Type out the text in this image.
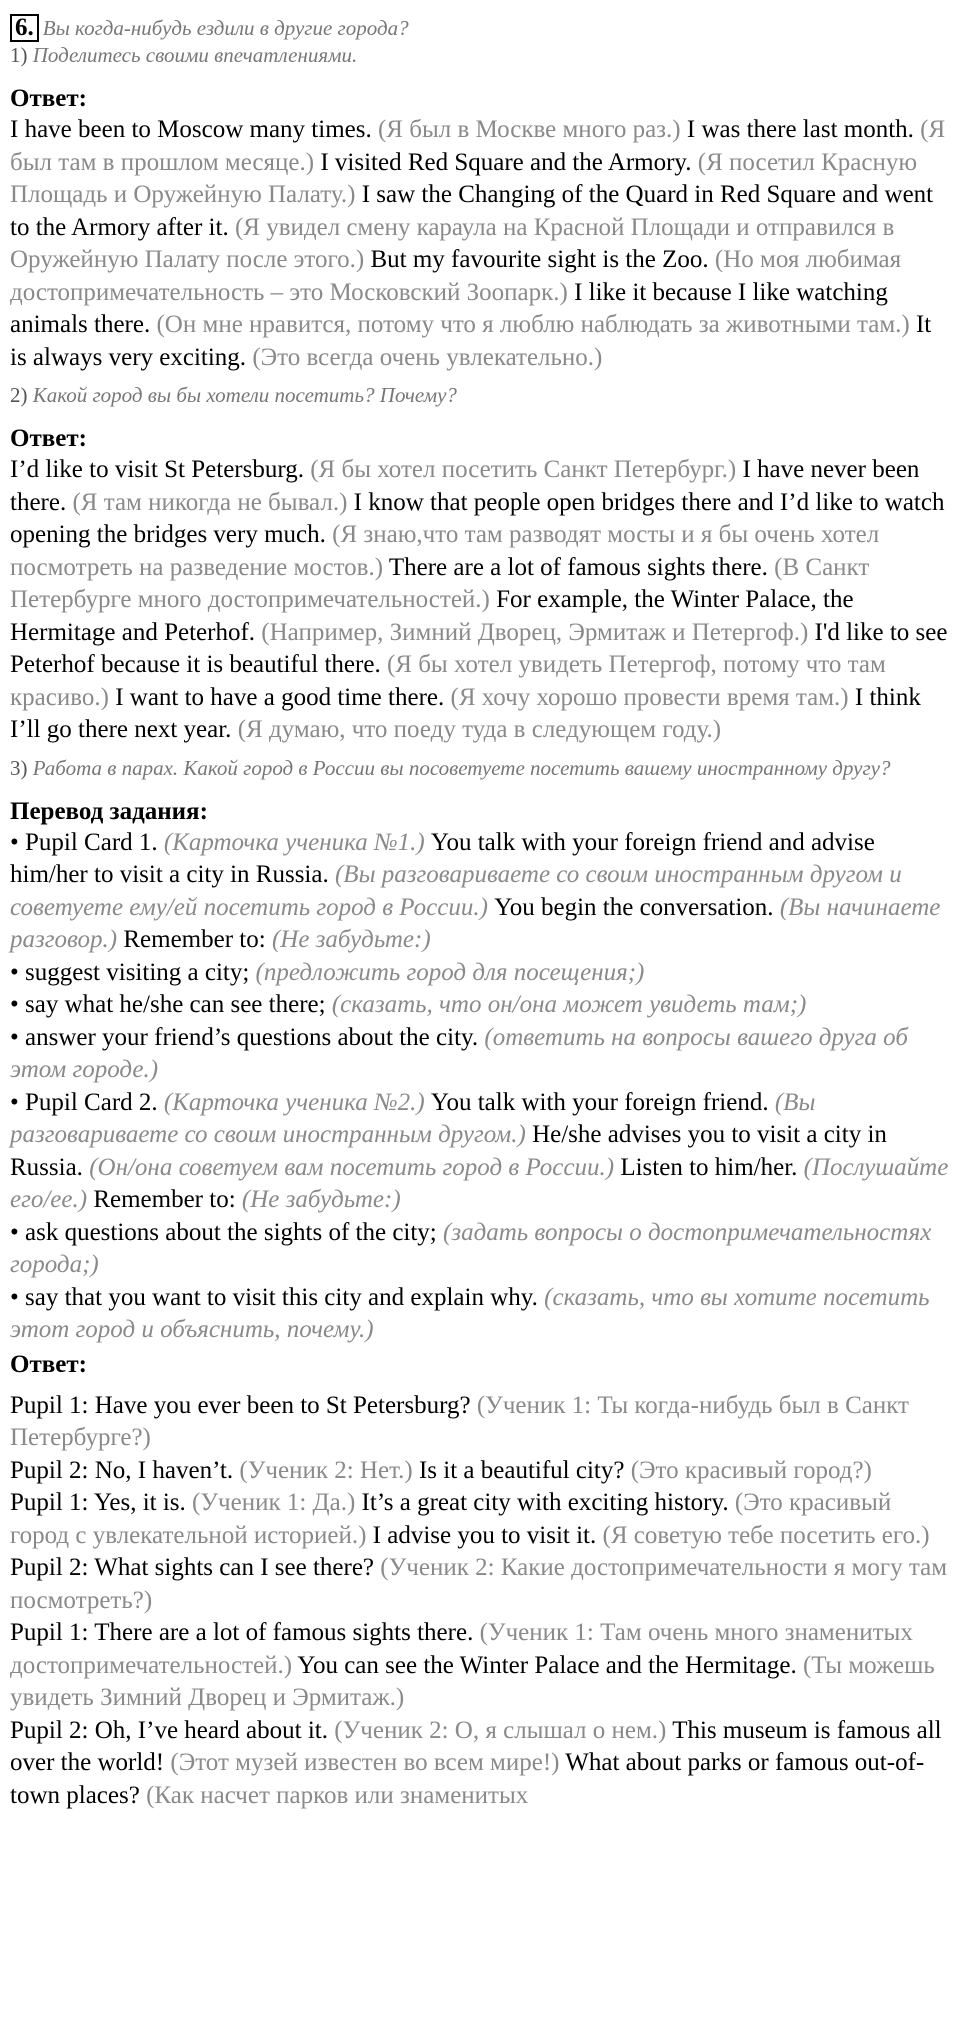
6. Вы когда-нибудь ездили в другие города?

1) Поделитесь своими впечатлениями.

Ответ:

I have been to Moscow many times. (Я был в Москве много раз.) I was there last month. (Я был там в прошлом месяце.) I visited Red Square and the Armory. (Я посетил Красную Площадь и Оружейную Палату.) I saw the Changing of the Quard in Red Square and went to the Armory after it. (Я увидел смену караула на Красной Площади и отправился в Оружейную Палату после этого.) But my favourite sight is the Zoo. (Но моя любимая достопримечательность – это Московский Зоопарк.) I like it because I like watching animals there. (Он мне нравится, потому что я люблю наблюдать за животными там.) It is always very exciting. (Это всегда очень увлекательно.)

2) Какой город вы бы хотели посетить? Почему?

Ответ:

I’d like to visit St Petersburg. (Я бы хотел посетить Санкт Петербург.) I have never been there. (Я там никогда не бывал.) I know that people open bridges there and I’d like to watch opening the bridges very much. (Я знаю,что там разводят мосты и я бы очень хотел посмотреть на разведение мостов.) There are a lot of famous sights there. (В Санкт Петербурге много достопримечательностей.) For example, the Winter Palace, the Hermitage and Peterhof. (Например, Зимний Дворец, Эрмитаж и Петергоф.) I'd like to see Peterhof because it is beautiful there. (Я бы хотел увидеть Петергоф, потому что там красиво.) I want to have a good time there. (Я хочу хорошо провести время там.) I think I’ll go there next year. (Я думаю, что поеду туда в следующем году.)

3) Работа в парах. Какой город в России вы посоветуете посетить вашему иностранному другу?

Перевод задания:

• Pupil Card 1. (Карточка ученика №1.) You talk with your foreign friend and advise him/her to visit a city in Russia. (Вы разговариваете со своим иностранным другом и советуете ему/ей посетить город в России.) You begin the conversation. (Вы начинаете разговор.) Remember to: (Не забудьте:)

• suggest visiting a city; (предложить город для посещения;)

• say what he/she can see there; (сказать, что он/она может увидеть там;)

• answer your friend’s questions about the city. (ответить на вопросы вашего друга об этом городе.)

• Pupil Card 2. (Карточка ученика №2.) You talk with your foreign friend. (Вы разговариваете со своим иностранным другом.) He/she advises you to visit a city in Russia. (Он/она советуем вам посетить город в России.) Listen to him/her. (Послушайте его/ее.) Remember to: (Не забудьте:)

• ask questions about the sights of the city; (задать вопросы о достопримечательностях города;)

• say that you want to visit this city and explain why. (сказать, что вы хотите посетить этот город и объяснить, почему.)

Ответ:

Pupil 1: Have you ever been to St Petersburg? (Ученик 1: Ты когда-нибудь был в Санкт Петербурге?)

Pupil 2: No, I haven’t. (Ученик 2: Нет.) Is it a beautiful city? (Это красивый город?)

Pupil 1: Yes, it is. (Ученик 1: Да.) It’s a great city with exciting history. (Это красивый город с увлекательной историей.) I advise you to visit it. (Я советую тебе посетить его.)

Pupil 2: What sights can I see there? (Ученик 2: Какие достопримечательности я могу там посмотреть?)

Pupil 1: There are a lot of famous sights there. (Ученик 1: Там очень много знаменитых достопримечательностей.) You can see the Winter Palace and the Hermitage. (Ты можешь увидеть Зимний Дворец и Эрмитаж.)

Pupil 2: Oh, I’ve heard about it. (Ученик 2: О, я слышал о нем.) This museum is famous all over the world! (Этот музей известен во всем мире!) What about parks or famous out-of-town places? (Как насчет парков или знаменитых
